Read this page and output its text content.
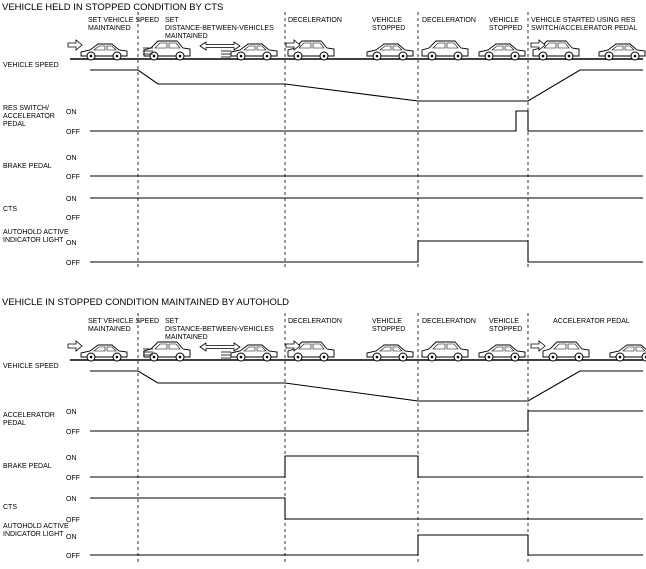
VEHICLE HELD IN STOPPED CONDITION BY CTS
SET VEHICLE SPEED
MAINTAINED
SET
DISTANCE-BETWEEN-VEHICLES
MAINTAINED
DECELERATION	VEHICLE
STOPPED
DECELERATION VEHICLE
STOPPED
VEHICLE STARTED USING RES
SWITCH/ACCELERATOR PEDAL
VEHICLE SPEED
RES SWITCH/
ACCELERATOR
PEDAL
ON
OFF
BRAKE PEDAL
ON
OFF
CTS
ON
OFF
AUTOHOLD ACTIVE
INDICATOR LIGHT ON
OFF
VEHICLE IN STOPPED CONDITION MAINTAINED BY AUTOHOLD
SET VEHICLE SPEED
MAINTAINED
SET
DISTANCE-BETWEEN-VEHICLES
MAINTAINED
DECELERATION	VEHICLE
STOPPED
DECELERATION VEHICLE
STOPPED
ACCELERATOR PEDAL
VEHICLE SPEED
ACCELERATOR
PEDAL
ON
OFF
BRAKE PEDAL
ON
OFF
CTS
ON
OFF
AUTOHOLD ACTIVE
INDICATOR LIGHT ON
OFF
